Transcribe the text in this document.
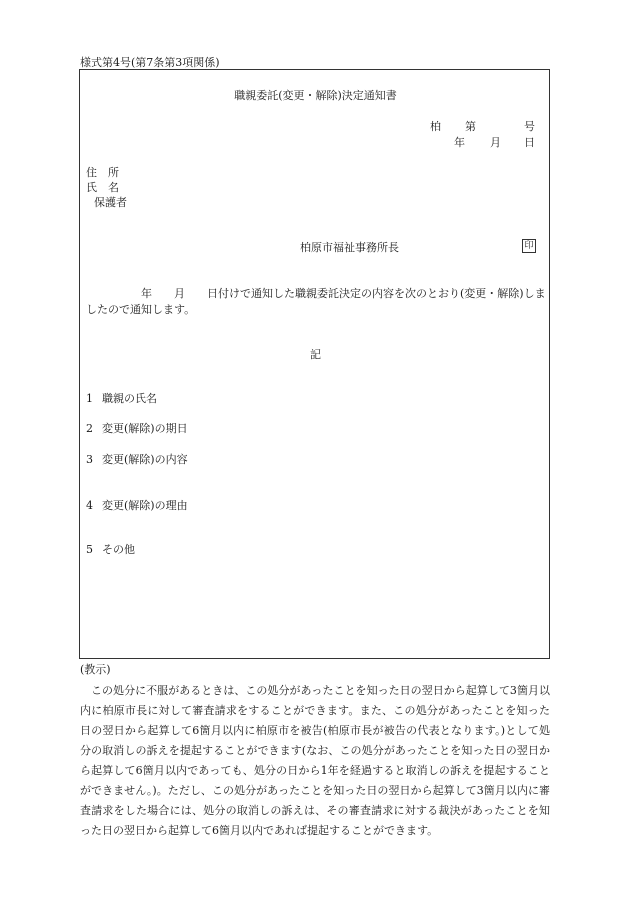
様式第4号(第7条第3項関係)
職親委託(変更・解除)決定通知書
柏 第	号
年 月 日
住　所
氏　名
保護者
柏原市福祉事務所長	印
　　　　　年　　月　　日付けで通知した職親委託決定の内容を次のとおり(変更・解除)しましたので通知します。
記
1 職親の氏名
2 変更(解除)の期日
3 変更(解除)の内容
4 変更(解除)の理由
5 その他
(教示)
この処分に不服があるときは、この処分があったことを知った日の翌日から起算して3箇月以内に柏原市長に対して審査請求をすることができます。また、この処分があったことを知った日の翌日から起算して6箇月以内に柏原市を被告(柏原市長が被告の代表となります。)として処分の取消しの訴えを提起することができます(なお、この処分があったことを知った日の翌日から起算して6箇月以内であっても、処分の日から1年を経過すると取消しの訴えを提起することができません。)。ただし、この処分があったことを知った日の翌日から起算して3箇月以内に審査請求をした場合には、処分の取消しの訴えは、その審査請求に対する裁決があったことを知った日の翌日から起算して6箇月以内であれば提起することができます。
